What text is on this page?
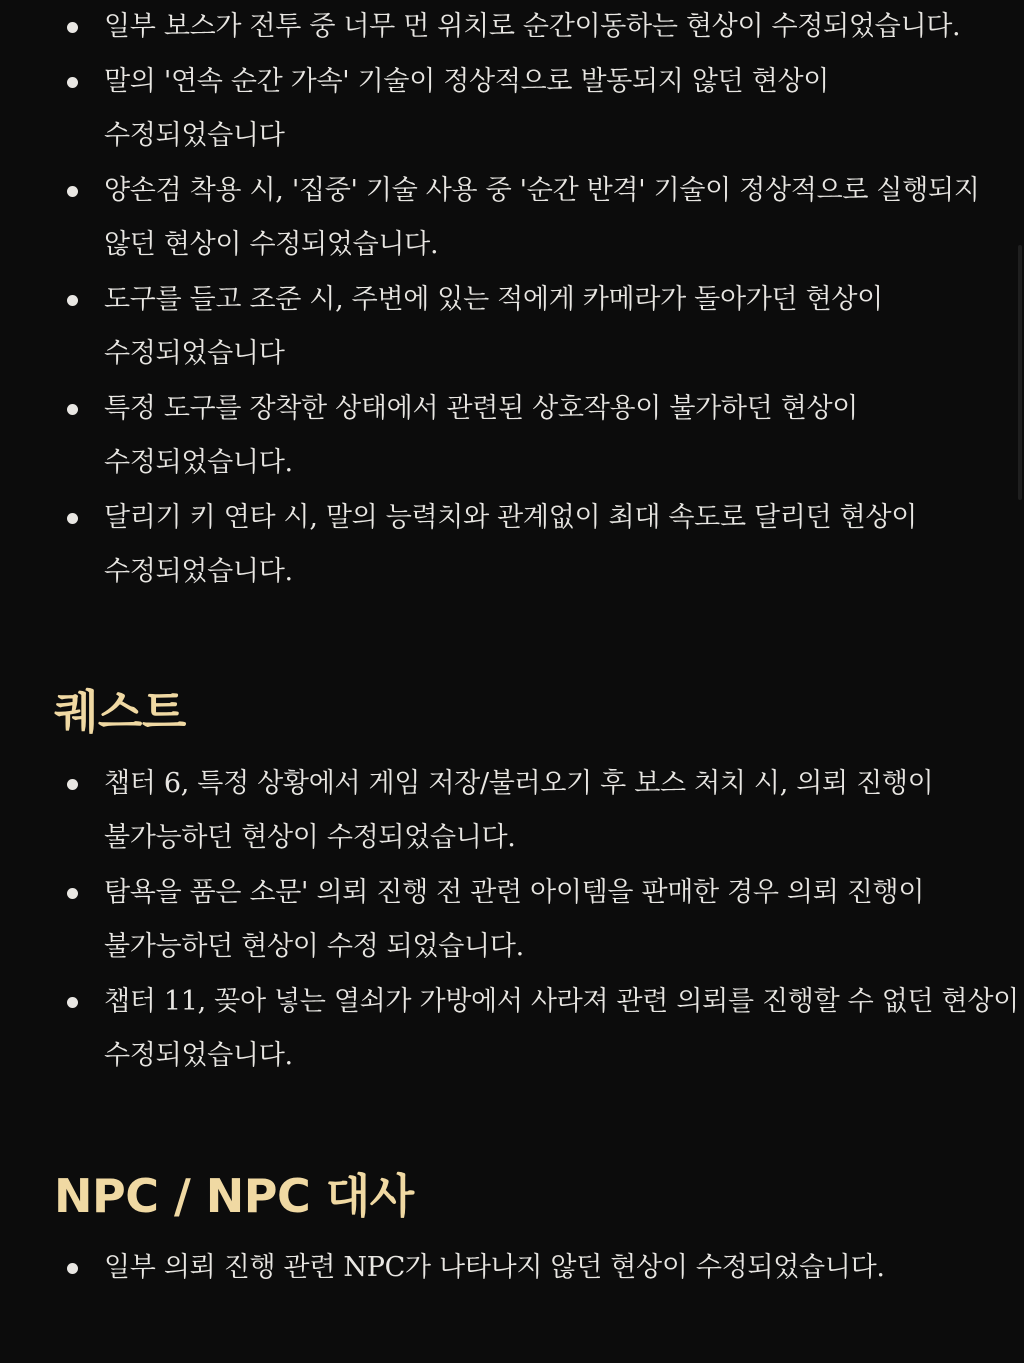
일부 보스가 전투 중 너무 먼 위치로 순간이동하는 현상이 수정되었습니다.
말의 '연속 순간 가속' 기술이 정상적으로 발동되지 않던 현상이
수정되었습니다
양손검 착용 시, '집중' 기술 사용 중 '순간 반격' 기술이 정상적으로 실행되지
않던 현상이 수정되었습니다.
도구를 들고 조준 시, 주변에 있는 적에게 카메라가 돌아가던 현상이
수정되었습니다
특정 도구를 장착한 상태에서 관련된 상호작용이 불가하던 현상이
수정되었습니다.
달리기 키 연타 시, 말의 능력치와 관계없이 최대 속도로 달리던 현상이
수정되었습니다.
퀘스트
챕터 6, 특정 상황에서 게임 저장/불러오기 후 보스 처치 시, 의뢰 진행이
불가능하던 현상이 수정되었습니다.
탐욕을 품은 소문' 의뢰 진행 전 관련 아이템을 판매한 경우 의뢰 진행이
불가능하던 현상이 수정 되었습니다.
챕터 11, 꽂아 넣는 열쇠가 가방에서 사라져 관련 의뢰를 진행할 수 없던 현상이
수정되었습니다.
NPC / NPC 대사
일부 의뢰 진행 관련 NPC가 나타나지 않던 현상이 수정되었습니다.
